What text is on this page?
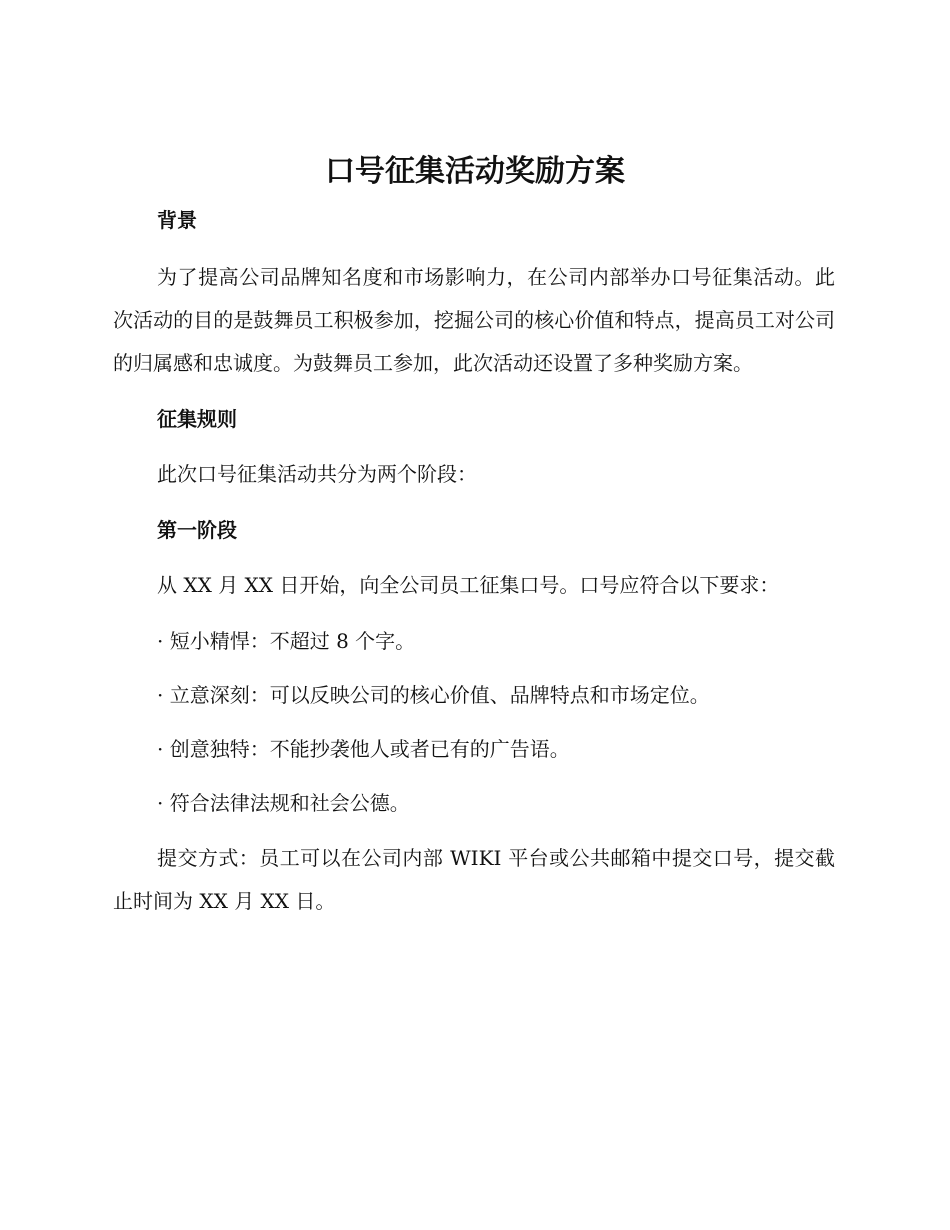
口号征集活动奖励方案
背景

为了提高公司品牌知名度和市场影响力，在公司内部举办口号征集活动。此次活动的目的是鼓舞员工积极参加，挖掘公司的核心价值和特点，提高员工对公司的归属感和忠诚度。为鼓舞员工参加，此次活动还设置了多种奖励方案。

征集规则

此次口号征集活动共分为两个阶段：

第一阶段

从 XX 月 XX 日开始，向全公司员工征集口号。口号应符合以下要求：

· 短小精悍：不超过 8 个字。

· 立意深刻：可以反映公司的核心价值、品牌特点和市场定位。

· 创意独特：不能抄袭他人或者已有的广告语。

· 符合法律法规和社会公德。

提交方式：员工可以在公司内部 WIKI 平台或公共邮箱中提交口号，提交截止时间为 XX 月 XX 日。
